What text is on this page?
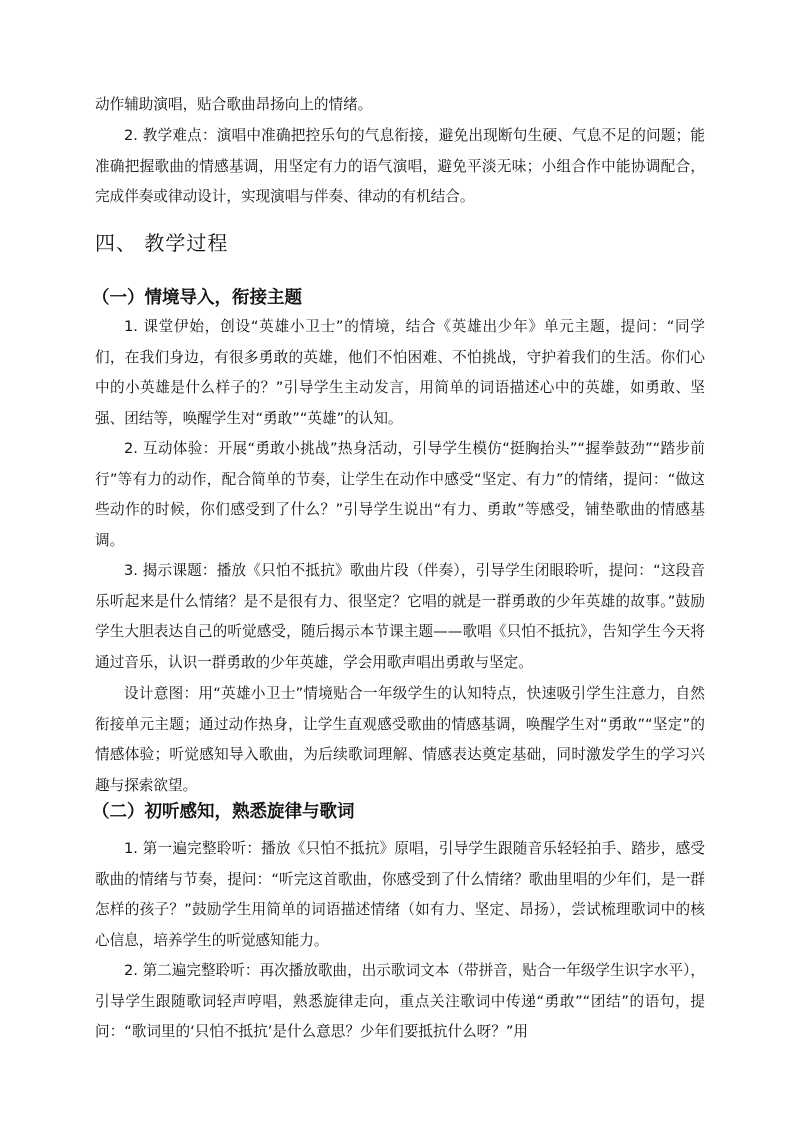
动作辅助演唱，贴合歌曲昂扬向上的情绪。

2. 教学难点：演唱中准确把控乐句的气息衔接，避免出现断句生硬、气息不足的问题；能准确把握歌曲的情感基调，用坚定有力的语气演唱，避免平淡无味；小组合作中能协调配合，完成伴奏或律动设计，实现演唱与伴奏、律动的有机结合。

四、 教学过程
（一）情境导入，衔接主题

1. 课堂伊始，创设“英雄小卫士”的情境，结合《英雄出少年》单元主题，提问：“同学们，在我们身边，有很多勇敢的英雄，他们不怕困难、不怕挑战，守护着我们的生活。你们心中的小英雄是什么样子的？”引导学生主动发言，用简单的词语描述心中的英雄，如勇敢、坚强、团结等，唤醒学生对“勇敢”“英雄”的认知。

2. 互动体验：开展“勇敢小挑战”热身活动，引导学生模仿“挺胸抬头”“握拳鼓劲”“踏步前行”等有力的动作，配合简单的节奏，让学生在动作中感受“坚定、有力”的情绪，提问：“做这些动作的时候，你们感受到了什么？”引导学生说出“有力、勇敢”等感受，铺垫歌曲的情感基调。

3. 揭示课题：播放《只怕不抵抗》歌曲片段（伴奏），引导学生闭眼聆听，提问：“这段音乐听起来是什么情绪？是不是很有力、很坚定？它唱的就是一群勇敢的少年英雄的故事。”鼓励学生大胆表达自己的听觉感受，随后揭示本节课主题——歌唱《只怕不抵抗》，告知学生今天将通过音乐，认识一群勇敢的少年英雄，学会用歌声唱出勇敢与坚定。

设计意图：用“英雄小卫士”情境贴合一年级学生的认知特点，快速吸引学生注意力，自然衔接单元主题；通过动作热身，让学生直观感受歌曲的情感基调，唤醒学生对“勇敢”“坚定”的情感体验；听觉感知导入歌曲，为后续歌词理解、情感表达奠定基础，同时激发学生的学习兴趣与探索欲望。

（二）初听感知，熟悉旋律与歌词

1. 第一遍完整聆听：播放《只怕不抵抗》原唱，引导学生跟随音乐轻轻拍手、踏步，感受歌曲的情绪与节奏，提问：“听完这首歌曲，你感受到了什么情绪？歌曲里唱的少年们，是一群怎样的孩子？”鼓励学生用简单的词语描述情绪（如有力、坚定、昂扬），尝试梳理歌词中的核心信息，培养学生的听觉感知能力。

2. 第二遍完整聆听：再次播放歌曲，出示歌词文本（带拼音，贴合一年级学生识字水平），引导学生跟随歌词轻声哼唱，熟悉旋律走向，重点关注歌词中传递“勇敢”“团结”的语句，提问：“歌词里的‘只怕不抵抗’是什么意思？少年们要抵抗什么呀？”用
